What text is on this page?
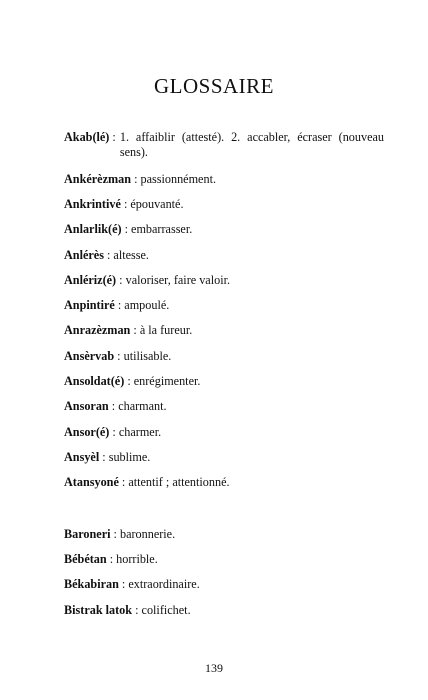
GLOSSAIRE
Akab(lé) : 1. affaiblir (attesté). 2. accabler, écraser (nouveau sens).
Ankérèzman : passionnément.
Ankrintivé : épouvanté.
Anlarlik(é) : embarrasser.
Anlérès : altesse.
Anlériz(é) : valoriser, faire valoir.
Anpintiré : ampoulé.
Anrazèzman : à la fureur.
Ansèrvab : utilisable.
Ansoldat(é) : enrégimenter.
Ansoran : charmant.
Ansor(é) : charmer.
Ansyèl : sublime.
Atansyoné : attentif ; attentionné.
Baroneri : baronnerie.
Bébétan : horrible.
Békabiran : extraordinaire.
Bistrak latok : colifichet.
139
